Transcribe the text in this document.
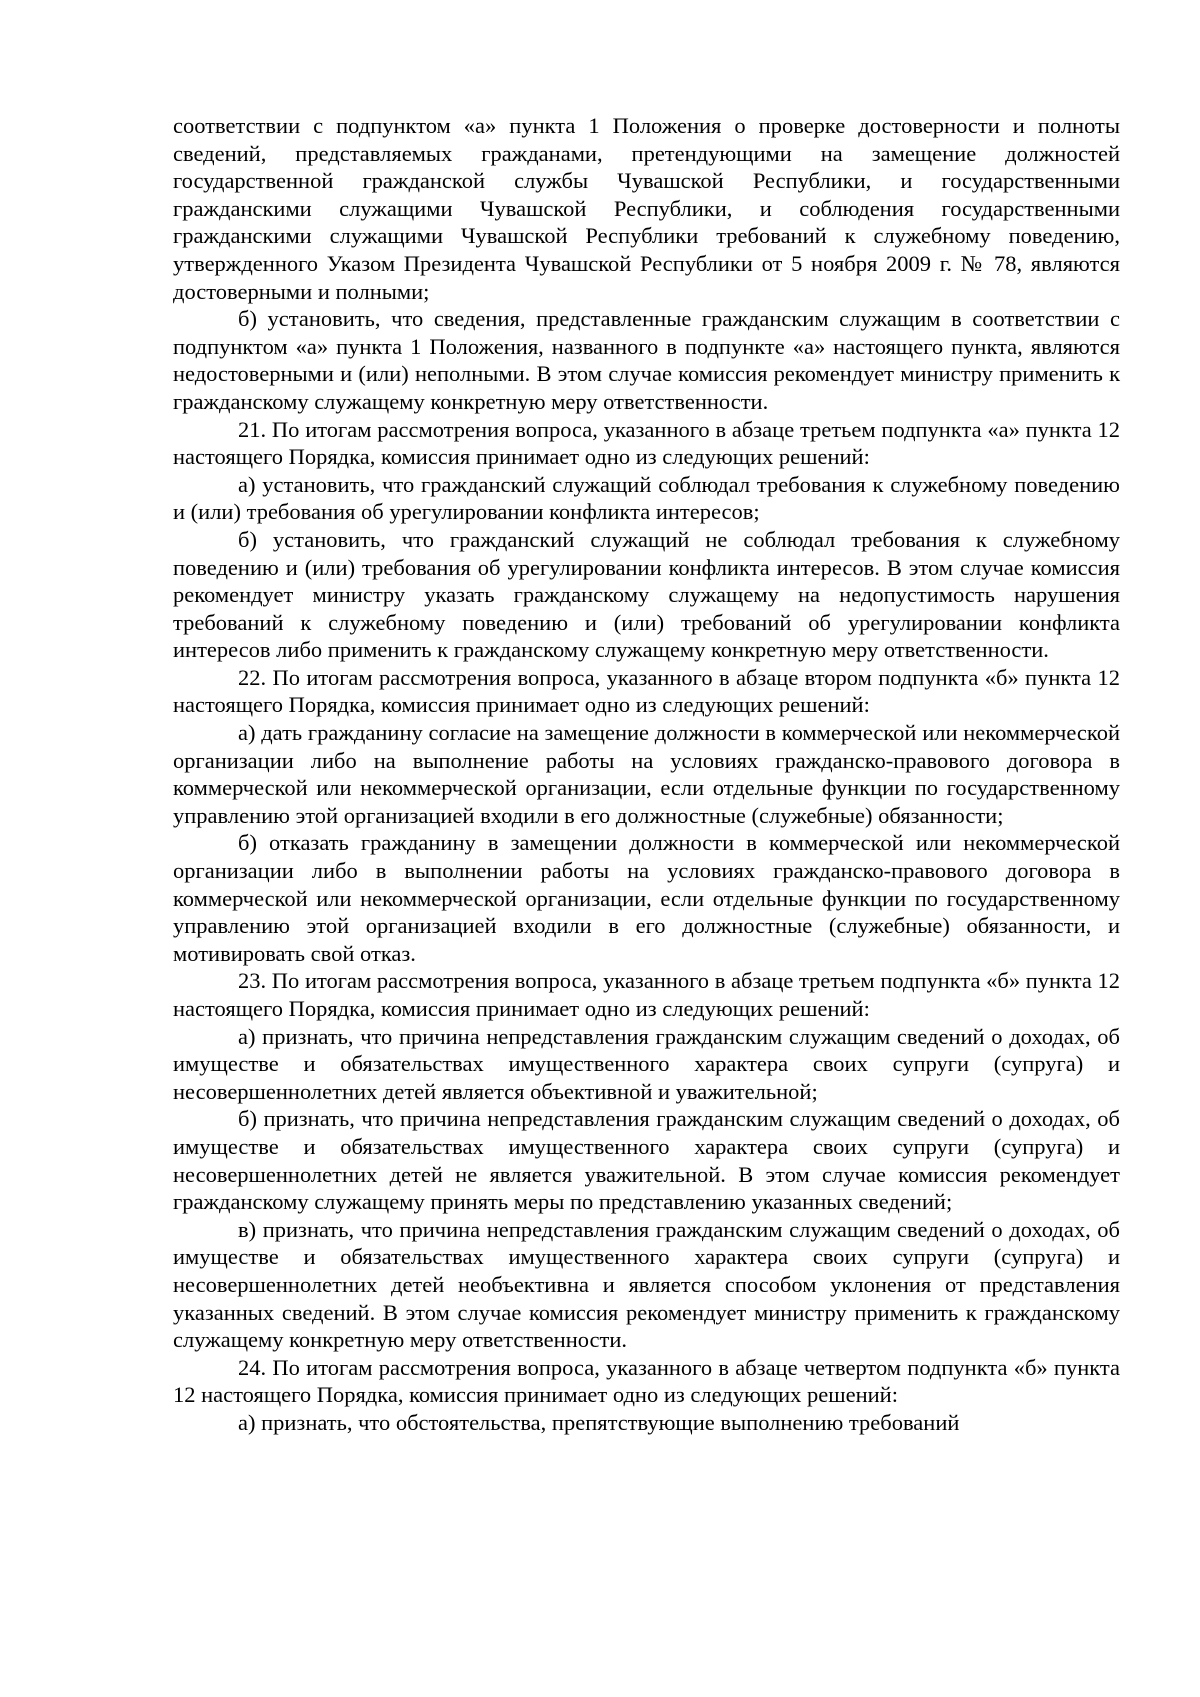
соответствии с подпунктом «а» пункта 1 Положения о проверке достоверности и полноты сведений, представляемых гражданами, претендующими на замещение должностей государственной гражданской службы Чувашской Республики, и государственными гражданскими служащими Чувашской Республики, и соблюдения государственными гражданскими служащими Чувашской Республики требований к служебному поведению, утвержденного Указом Президента Чувашской Республики от 5 ноября 2009 г. № 78, являются достоверными и полными;

б) установить, что сведения, представленные гражданским служащим в соответствии с подпунктом «а» пункта 1 Положения, названного в подпункте «а» настоящего пункта, являются недостоверными и (или) неполными. В этом случае комиссия рекомендует министру применить к гражданскому служащему конкретную меру ответственности.

21. По итогам рассмотрения вопроса, указанного в абзаце третьем подпункта «а» пункта 12 настоящего Порядка, комиссия принимает одно из следующих решений:

а) установить, что гражданский служащий соблюдал требования к служебному поведению и (или) требования об урегулировании конфликта интересов;

б) установить, что гражданский служащий не соблюдал требования к служебному поведению и (или) требования об урегулировании конфликта интересов. В этом случае комиссия рекомендует министру указать гражданскому служащему на недопустимость нарушения требований к служебному поведению и (или) требований об урегулировании конфликта интересов либо применить к гражданскому служащему конкретную меру ответственности.

22. По итогам рассмотрения вопроса, указанного в абзаце втором подпункта «б» пункта 12 настоящего Порядка, комиссия принимает одно из следующих решений:

а) дать гражданину согласие на замещение должности в коммерческой или некоммерческой организации либо на выполнение работы на условиях гражданско-правового договора в коммерческой или некоммерческой организации, если отдельные функции по государственному управлению этой организацией входили в его должностные (служебные) обязанности;

б) отказать гражданину в замещении должности в коммерческой или некоммерческой организации либо в выполнении работы на условиях гражданско-правового договора в коммерческой или некоммерческой организации, если отдельные функции по государственному управлению этой организацией входили в его должностные (служебные) обязанности, и мотивировать свой отказ.

23. По итогам рассмотрения вопроса, указанного в абзаце третьем подпункта «б» пункта 12 настоящего Порядка, комиссия принимает одно из следующих решений:

а) признать, что причина непредставления гражданским служащим сведений о доходах, об имуществе и обязательствах имущественного характера своих супруги (супруга) и несовершеннолетних детей является объективной и уважительной;

б) признать, что причина непредставления гражданским служащим сведений о доходах, об имуществе и обязательствах имущественного характера своих супруги (супруга) и несовершеннолетних детей не является уважительной. В этом случае комиссия рекомендует гражданскому служащему принять меры по представлению указанных сведений;

в) признать, что причина непредставления гражданским служащим сведений о доходах, об имуществе и обязательствах имущественного характера своих супруги (супруга) и несовершеннолетних детей необъективна и является способом уклонения от представления указанных сведений. В этом случае комиссия рекомендует министру применить к гражданскому служащему конкретную меру ответственности.

24. По итогам рассмотрения вопроса, указанного в абзаце четвертом подпункта «б» пункта 12 настоящего Порядка, комиссия принимает одно из следующих решений:

а) признать, что обстоятельства, препятствующие выполнению требований
